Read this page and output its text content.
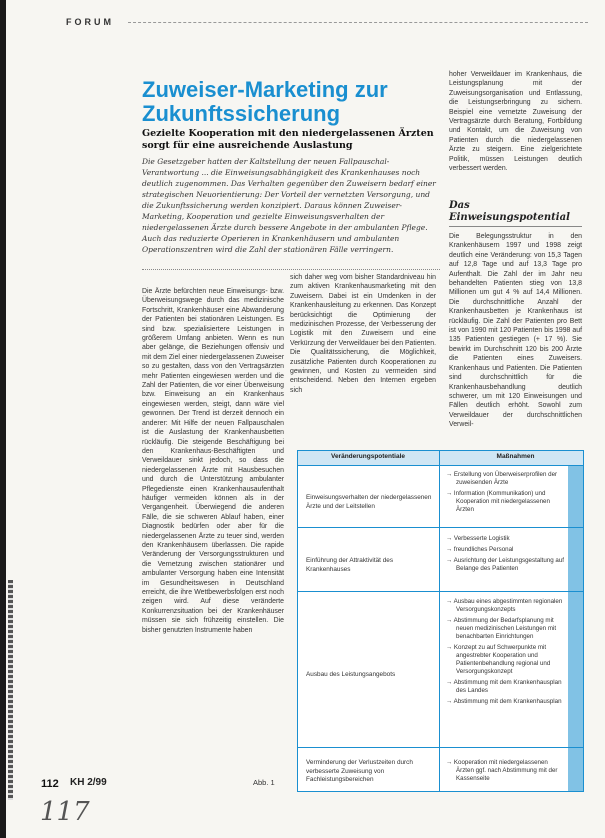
FORUM
Zuweiser-Marketing zur Zukunftssicherung
Gezielte Kooperation mit den niedergelassenen Ärzten sorgt für eine ausreichende Auslastung
Die Gesetzgeber hatten der Kaltstellung der neuen Fallpauschal-Verantwortung ... die Einweisungsabhängigkeit des Krankenhauses noch deutlich zugenommen. Das Verhalten gegenüber den Zuweisern bedarf einer strategischen Neuorientierung: Der Vorteil der vernetzten Versorgung, und die Zukunftssicherung werden konzipiert. Daraus können Zuweiser-Marketing, Kooperation und gezielte Einweisungsverhalten der niedergelassenen Ärzte durch bessere Angebote in der ambulanten Pflege. Auch das reduzierte Operieren in Krankenhäusern und ambulanten Operationszentren wird die Zahl der stationären Fälle verringern.
Die Ärzte befürchten neue Einweisungs- bzw. Überweisungswege durch das medizinische Fortschritt, Krankenhäuser eine Abwanderung der Patienten bei stationären Leistungen. Es sind bzw. spezialisiertere Leistungen in größerem Umfang anbieten. Wenn es nun aber gelänge, die Beziehungen offensiv und mit dem Ziel einer niedergelassenen Zuweiser so zu gestalten, dass von den Vertragsärzten mehr Patienten eingewiesen werden und die Zahl der Patienten, die vor einer Überweisung bzw. Einweisung an ein Krankenhaus eingewiesen werden, steigt, dann wäre viel gewonnen. Der Trend ist derzeit dennoch ein anderer: Mit Hilfe der neuen Fallpauschalen ist die Auslastung der Krankenhausbetten rückläufig. Die steigende Beschäftigung bei den Krankenhaus-Beschäftigten und Verweildauer sinkt jedoch, so dass die niedergelassenen Ärzte mit Hausbesuchen und durch die Unterstützung ambulanter Pflegedienste einen Krankenhausaufenthalt häufiger vermeiden können als in der Vergangenheit. Überwiegend die anderen Fälle, die sie schweren Ablauf haben, einer Diagnostik bedürfen oder aber für die niedergelassenen Ärzte zu teuer sind, werden den Krankenhäusern überlassen. Die rapide Veränderung der Versorgungsstrukturen und die Vernetzung zwischen stationärer und ambulanter Versorgung haben eine Intensität im Gesundheitswesen in Deutschland erreicht, die ihre Wettbewerbsfolgen erst noch zeigen wird. Auf diese veränderte Konkurrenzsituation bei der Krankenhäuser müssen sie sich frühzeitig einstellen. Die bisher genutzten Instrumente haben
sich daher weg vom bisher Standardniveau hin zum aktiven Krankenhausmarketing mit den Zuweisern. Dabei ist ein Umdenken in der Krankenhausleitung zu erkennen. Das Konzept berücksichtigt die Optimierung der medizinischen Prozesse, der Verbesserung der Logistik mit den Zuweisern und eine Verkürzung der Verweildauer bei den Patienten. Die Qualitätssicherung, die Möglichkeit, zusätzliche Patienten durch Kooperationen zu gewinnen, und Kosten zu vermeiden sind entscheidend. Neben den Internen ergeben sich
hoher Verweildauer im Krankenhaus, die Leistungsplanung mit der Zuweisungsorganisation und Entlassung, die Leistungserbringung zu sichern. Beispiel eine vernetzte Zuweisung der Vertragsärzte durch Beratung, Fortbildung und Kontakt, um die Zuweisung von Patienten durch die niedergelassenen Ärzte zu steigern. Eine zielgerichtete Politik, müssen Leistungen deutlich verbessert werden.
Das Einweisungspotential
Die Belegungsstruktur in den Krankenhäusern 1997 und 1998 zeigt deutlich eine Veränderung: von 15,3 Tagen auf 12,8 Tage und auf 13,3 Tage pro Aufenthalt. Die Zahl der im Jahr neu behandelten Patienten stieg von 13,8 Millionen um gut 4 % auf 14,4 Millionen. Die durchschnittliche Anzahl der Krankenhausbetten je Krankenhaus ist rückläufig. Die Zahl der Patienten pro Bett ist von 1990 mit 120 Patienten bis 1998 auf 135 Patienten gestiegen (+ 17 %). Sie bewirkt im Durchschnitt 120 bis 200 Ärzte die Patienten eines Zuweisers. Krankenhaus und Patienten. Die Patienten sind durchschnittlich für die Krankenhausbehandlung deutlich schwerer, um mit 120 Einweisungen und Fällen deutlich erhöht. Sowohl zum Verweildauer der durchschnittlichen Verweil-
Veränderungspotentiale	Maßnahmen
Einweisungsverhalten der niedergelassenen Ärzte und der Leitstellen
→ Erstellung von Überweiserprofilen der zuweisenden Ärzte
→ Information (Kommunikation) und Kooperation mit niedergelassenen Ärzten
Einführung der Attraktivität des Krankenhauses
→ Verbesserte Logistik
→ freundliches Personal
→ Ausrichtung der Leistungsgestaltung auf Belange des Patienten
Ausbau des Leistungsangebots
→ Ausbau eines abgestimmten regionalen Versorgungskonzepts
→ Abstimmung der Bedarfsplanung mit neuen medizinischen Leistungen mit benachbarten Einrichtungen
→ Konzept zu auf Schwerpunkte mit angestrebter Kooperation und Patientenbehandlung regional und Versorgungskonzept
→ Abstimmung mit dem Krankenhausplan des Landes
→ Abstimmung mit dem Krankenhausplan
Verminderung der Verlustzeiten durch verbesserte Zuweisung von Fachleistungsbereichen
→ Kooperation mit niedergelassenen Ärzten ggf. nach Abstimmung mit der Kassenseite
112 KH 2/99	Abb. 1
117
